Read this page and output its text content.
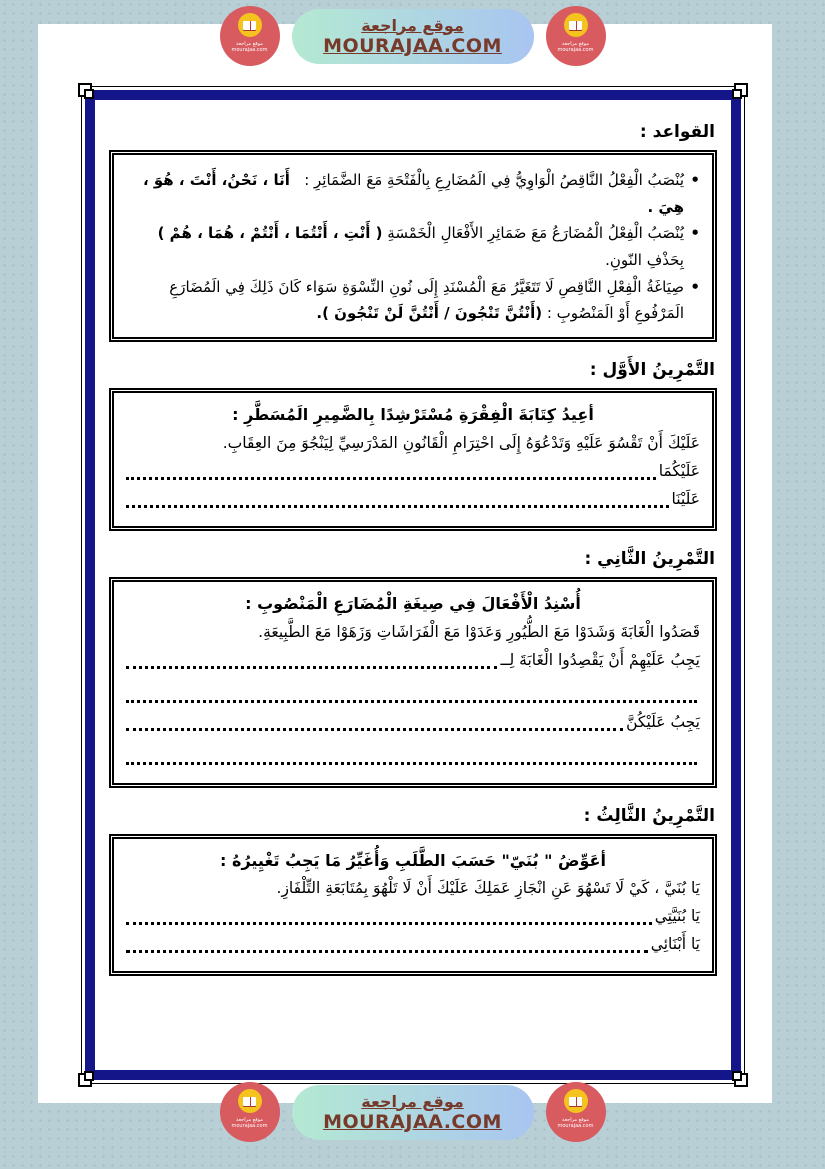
موقع مراجعة
mourajaa.com
موقع مراجعة
MOURAJAA.COM	موقع مراجعة
mourajaa.com
القواعد :
•
يُنْصَبُ الْفِعْلُ النَّاقِصُ الْوَاوِيُّ فِي الَمُضَارِعِ بِالْفَتْحَةِ مَعَ الضَّمَائِرِ :   أَنَا ، نَحْنُ، أَنْتَ ، هُوَ ، هِيَ .
•
يُنْصَبُ الْفِعْلُ الْمُضَارَعُ مَعَ ضَمَائِرِ الأَفْعَالِ الْخَمْسَةِ ( أَنْتِ ، أَنْتُمَا ، أَنْتُمْ ، هُمَا ، هُمْ ) بِحَذْفِ النّونِ.
•
صِيَاغَةُ الْفِعْلِ النَّاقِصِ لَا تَتَغَيَّرُ مَعَ الْمُسْنَدِ إِلَى نُونِ النِّسْوَةِ سَوَاء كَانَ ذَلِكَ فِي الَمُضَارَعِ الَمَرْفُوعِ أَوْ الَمَنْصُوبِ : (أَنْتُنَّ تَنْجُونَ / أَنْتُنَّ لَنْ تَنْجُونَ ).
التَّمْرِينُ الأَوَّل :
أعِيدُ كِتَابَةَ الْفِقْرَةِ مُسْتَرْشِدًا بِالضَّمِيرِ الَمُسَطَّرِ :
عَلَيْكَ أَنْ تَقْسُوَ عَلَيْهِ وَتَدْعُوَهُ إِلَى احْتِرَامِ الْقَانُونِ المَدْرَسِيِّ لِيَنْجُوَ مِنَ العِقَابِ.
عَلَيْكُمَا
عَلَيْنَا
التَّمْرِينُ الثَّانِي :
أُسْنِدُ الْأَفْعَالَ فِي صِيغَةِ الْمُضَارَعِ الْمَنْصُوبِ :
قَصَدُوا الْغَابَةَ وَشَدَوْا مَعَ الطُّيُورِ وَعَدَوْا مَعَ الْفَرَاشَاتِ وَزَهَوْا مَعَ الطَّبِيعَةِ.
يَجِبُ عَلَيْهِمْ أَنْ يَقْصِدُوا الْغَابَةَ لِــ
يَجِبُ عَلَيْكُنَّ
التَّمْرِينُ الثَّالِثُ :
أعَوِّضُ " بُنَيّ" حَسَبَ الطَّلَبِ وَأُغَيِّرُ مَا يَجِبُ تَغْيِيرُهُ :
يَا بُنَيَّ ، كَيْ لَا تَسْهُوَ عَنِ انْجَازِ عَمَلِكَ عَلَيْكَ أَنْ لَا تَلْهُوَ بِمُتَابَعَةِ التِّلْفَازِ.
يَا بُنَيَّتِي
يَا أَبْنَائِي
موقع مراجعة
mourajaa.com
موقع مراجعة
MOURAJAA.COM	موقع مراجعة
mourajaa.com
